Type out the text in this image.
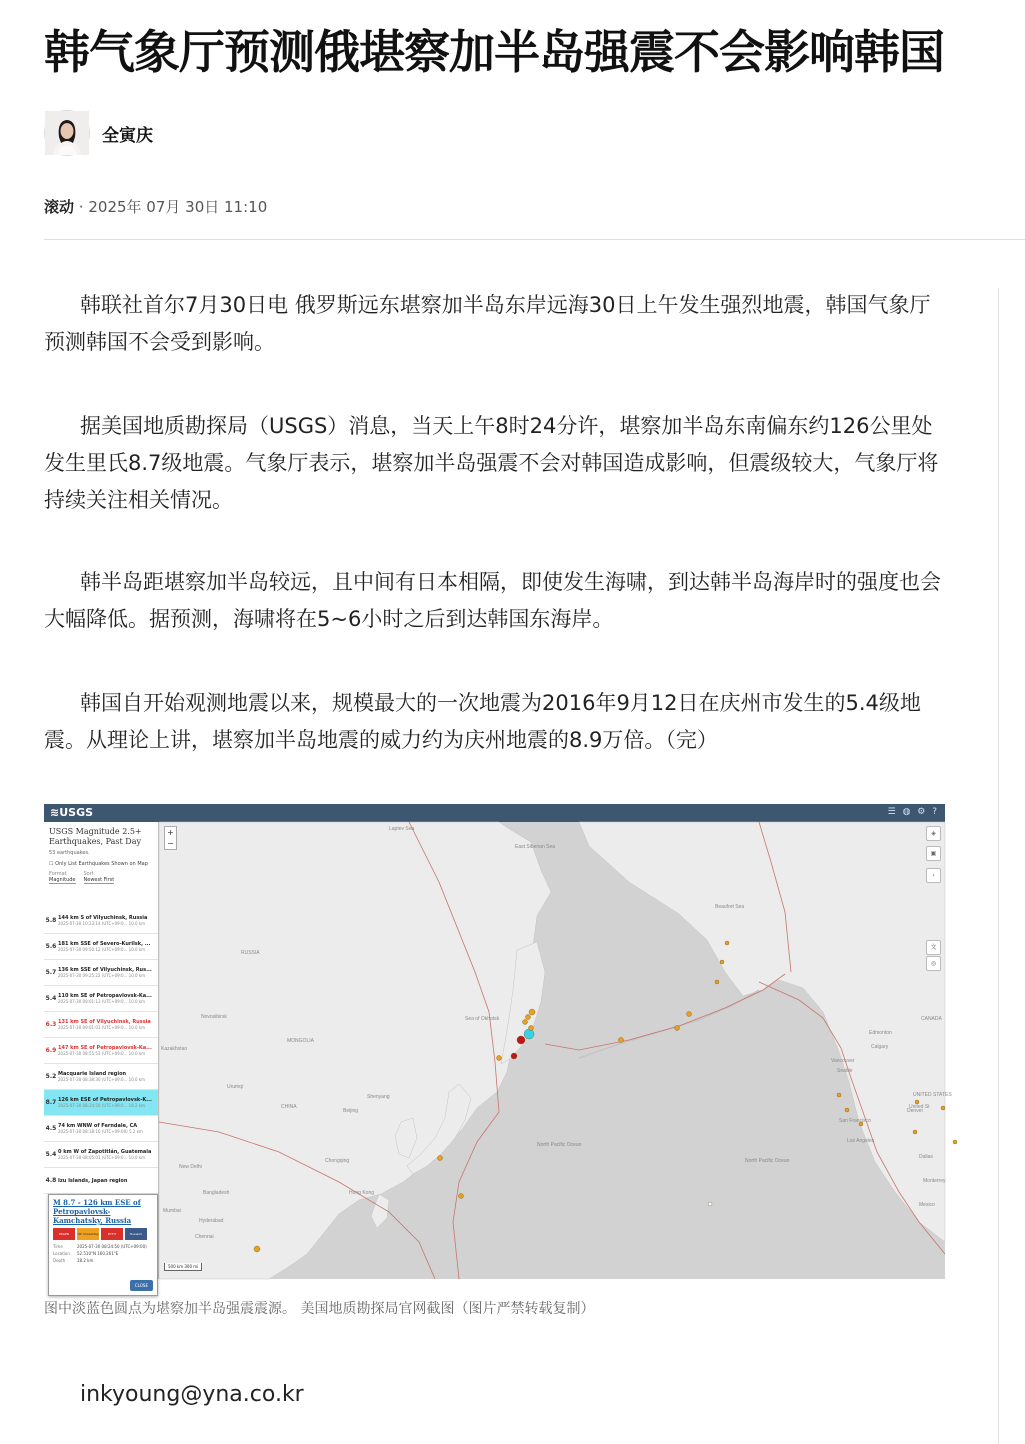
韩气象厅预测俄堪察加半岛强震不会影响韩国
全寅庆
滚动 · 2025年 07月 30日 11:10

韩联社首尔7月30日电 俄罗斯远东堪察加半岛东岸远海30日上午发生强烈地震，韩国气象厅预测韩国不会受到影响。

据美国地质勘探局（USGS）消息，当天上午8时24分许，堪察加半岛东南偏东约126公里处发生里氏8.7级地震。气象厅表示，堪察加半岛强震不会对韩国造成影响，但震级较大，气象厅将持续关注相关情况。

韩半岛距堪察加半岛较远，且中间有日本相隔，即使发生海啸，到达韩半岛海岸时的强度也会大幅降低。据预测，海啸将在5~6小时之后到达韩国东海岸。

韩国自开始观测地震以来，规模最大的一次地震为2016年9月12日在庆州市发生的5.4级地震。从理论上讲，堪察加半岛地震的威力约为庆州地震的8.9万倍。（完）

≋USGS	☰ ◍ ⚙ ?
USGS Magnitude 2.5+ Earthquakes, Past Day
53 earthquakes.
☐ Only List Earthquakes Shown on Map
Format
Magnitude
Sort
Newest First
5.8 144 km S of Vilyuchinsk, Russia
2025-07-30 10:23:14 (UTC+09:0... 10.0 km
5.6 181 km SSE of Severo-Kurilsk, ...
2025-07-30 09:50:12 (UTC+09:0... 10.0 km
5.7 136 km SSE of Vilyuchinsk, Rus...
2025-07-30 09:25:22 (UTC+09:0... 10.0 km
5.4 110 km SE of Petropavlovsk-Ka...
2025-07-30 09:01:13 (UTC+09:0... 10.0 km
6.3 131 km SE of Vilyuchinsk, Russia
2025-07-30 09:01:03 (UTC+09:0... 10.0 km
6.9 147 km SE of Petropavlovsk-Ka...
2025-07-30 08:55:53 (UTC+09:0... 10.0 km
5.2 Macquarie Island region
2025-07-30 08:38:30 (UTC+09:0... 10.0 km
8.7 126 km ESE of Petropavlovsk-K...
2025-07-30 08:24:50 (UTC+09:0... 18.2 km
4.5 74 km WNW of Ferndale, CA
2025-07-30 08:18:16 (UTC+09:00) 5.2 km
5.4 0 km W of Zapotitlán, Guatemala
2025-07-30 08:05:01 (UTC+09:0... 10.0 km
4.8 Izu Islands, Japan region
M 8.7 - 126 km ESE of Petropavlovsk-Kamchatsky, Russia
PAGER	VIII ShakeMap	DYFI?	Tsunami
Time	2025-07-30 08:24:50 (UTC+09:00)
Location 52.510°N 160.261°E
Depth	18.2 km
CLOSE
RUSSIA
CHINA
MONGOLIA
Kazakhstan
Novosibirsk
Urumqi
Beijing
Shenyang
Chongqing
Hong Kong
New Delhi
Bangladesh
Hyderabad
Mumbai
Chennai
Sea of Okhotsk
North Pacific Ocean
North Pacific Ocean
Edmonton
Calgary
Vancouver
Seattle
San Francisco
Los Angeles
Denver
Dallas
Monterrey
Mexico
CANADA
UNITED STATES
Beaufort Sea
East Siberian Sea
Laptev Sea
United St
+
−
◈
▣
‹
文
◎
500 km 300 mi
图中淡蓝色圆点为堪察加半岛强震震源。 美国地质勘探局官网截图（图片严禁转载复制）
inkyoung@yna.co.kr
